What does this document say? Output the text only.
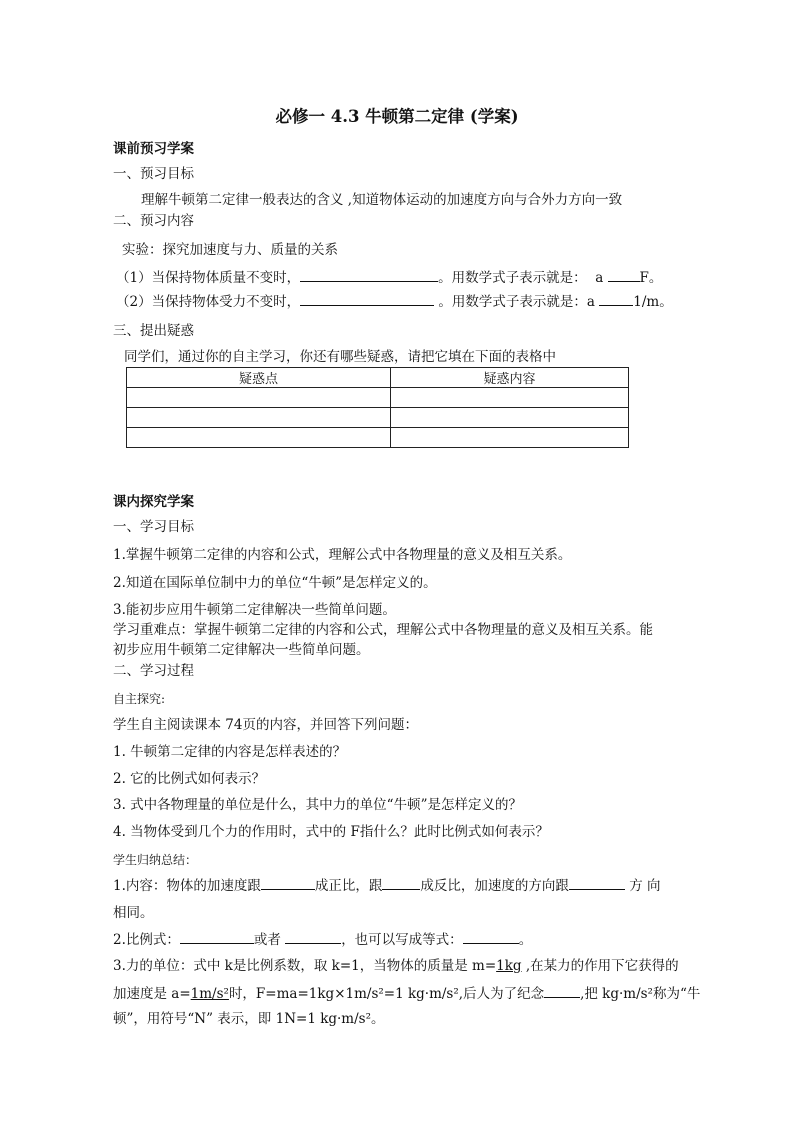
必修一 4.3 牛顿第二定律 (学案)
课前预习学案
一、预习目标
理解牛顿第二定律一般表达的含义 ,知道物体运动的加速度方向与合外力方向一致
二、预习内容
实验：探究加速度与力、质量的关系
（1）当保持物体质量不变时，	。用数学式子表示就是： a	F。
（2）当保持物体受力不变时，	。用数学式子表示就是：a	1/m。
三、提出疑惑
同学们，通过你的自主学习，你还有哪些疑惑，请把它填在下面的表格中
疑惑点	疑惑内容

课内探究学案
一、学习目标
1.掌握牛顿第二定律的内容和公式，理解公式中各物理量的意义及相互关系。
2.知道在国际单位制中力的单位“牛顿”是怎样定义的。
3.能初步应用牛顿第二定律解决一些简单问题。
学习重难点：掌握牛顿第二定律的内容和公式，理解公式中各物理量的意义及相互关系。能
初步应用牛顿第二定律解决一些简单问题。
二、学习过程
自主探究:
学生自主阅读课本 74页的内容，并回答下列问题：
1. 牛顿第二定律的内容是怎样表述的？
2. 它的比例式如何表示？
3. 式中各物理量的单位是什么，其中力的单位“牛顿”是怎样定义的？
4. 当物体受到几个力的作用时，式中的 F指什么？此时比例式如何表示？
学生归纳总结：
1.内容：物体的加速度跟	成正比，跟	成反比，加速度的方向跟	方 向
相同。
2.比例式：	或者	，也可以写成等式：	。
3.力的单位：式中 k是比例系数，取 k=1，当物体的质量是 m=1kg ,在某力的作用下它获得的
加速度是 a=1m/s²时，F=ma=1kg×1m/s²=1 kg·m/s²,后人为了纪念	,把 kg·m/s²称为“牛
顿”，用符号“N” 表示，即 1N=1 kg·m/s²。
